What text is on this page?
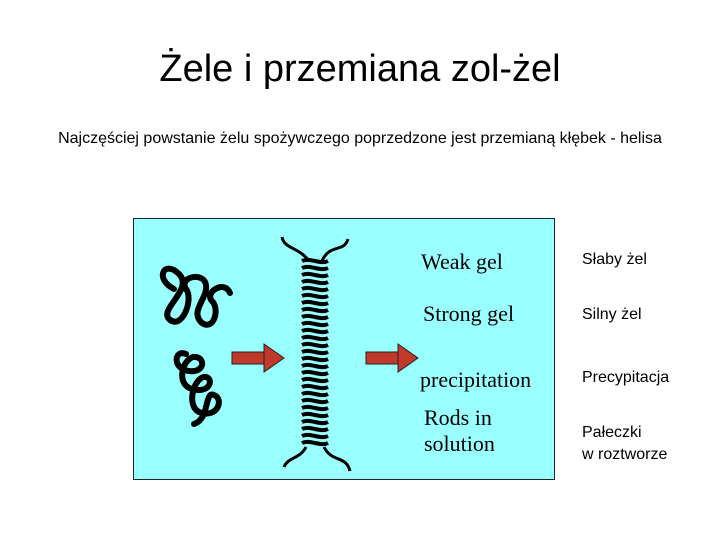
Żele i przemiana zol-żel
Najczęściej powstanie żelu spożywczego poprzedzone jest przemianą kłębek - helisa
Weak gel
Strong gel
precipitation
Rods in
solution
Słaby żel
Silny żel
Precypitacja
Pałeczki
w roztworze
